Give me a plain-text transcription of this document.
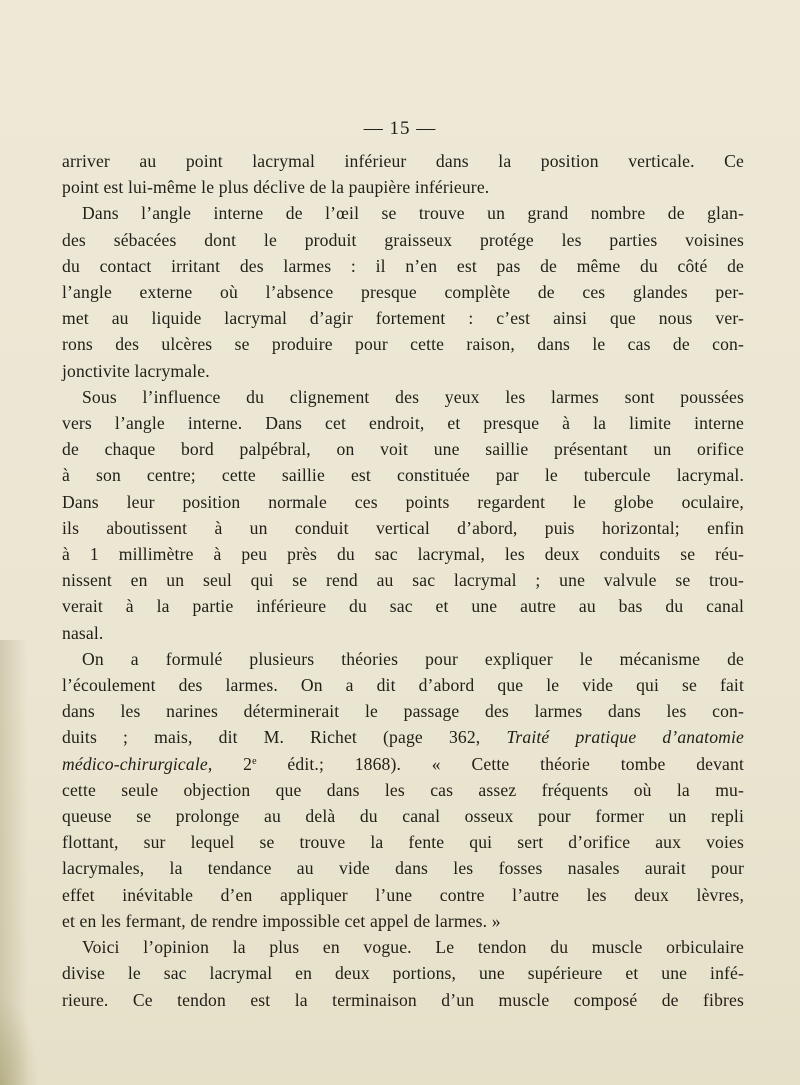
— 15 —

arriver au point lacrymal inférieur dans la position verticale. Ce
point est lui-même le plus déclive de la paupière inférieure.

Dans l’angle interne de l’œil se trouve un grand nombre de glan-
des sébacées dont le produit graisseux protége les parties voisines
du contact irritant des larmes : il n’en est pas de même du côté de
l’angle externe où l’absence presque complète de ces glandes per-
met au liquide lacrymal d’agir fortement : c’est ainsi que nous ver-
rons des ulcères se produire pour cette raison, dans le cas de con-
jonctivite lacrymale.

Sous l’influence du clignement des yeux les larmes sont poussées
vers l’angle interne. Dans cet endroit, et presque à la limite interne
de chaque bord palpébral, on voit une saillie présentant un orifice
à son centre; cette saillie est constituée par le tubercule lacrymal.
Dans leur position normale ces points regardent le globe oculaire,
ils aboutissent à un conduit vertical d’abord, puis horizontal; enfin
à 1 millimètre à peu près du sac lacrymal, les deux conduits se réu-
nissent en un seul qui se rend au sac lacrymal ; une valvule se trou-
verait à la partie inférieure du sac et une autre au bas du canal
nasal.

On a formulé plusieurs théories pour expliquer le mécanisme de
l’écoulement des larmes. On a dit d’abord que le vide qui se fait
dans les narines déterminerait le passage des larmes dans les con-
duits ; mais, dit M. Richet (page 362, Traité pratique d’anatomie
médico-chirurgicale, 2e édit.; 1868). « Cette théorie tombe devant
cette seule objection que dans les cas assez fréquents où la mu-
queuse se prolonge au delà du canal osseux pour former un repli
flottant, sur lequel se trouve la fente qui sert d’orifice aux voies
lacrymales, la tendance au vide dans les fosses nasales aurait pour
effet inévitable d’en appliquer l’une contre l’autre les deux lèvres,
et en les fermant, de rendre impossible cet appel de larmes. »

Voici l’opinion la plus en vogue. Le tendon du muscle orbiculaire
divise le sac lacrymal en deux portions, une supérieure et une infé-
rieure. Ce tendon est la terminaison d’un muscle composé de fibres
